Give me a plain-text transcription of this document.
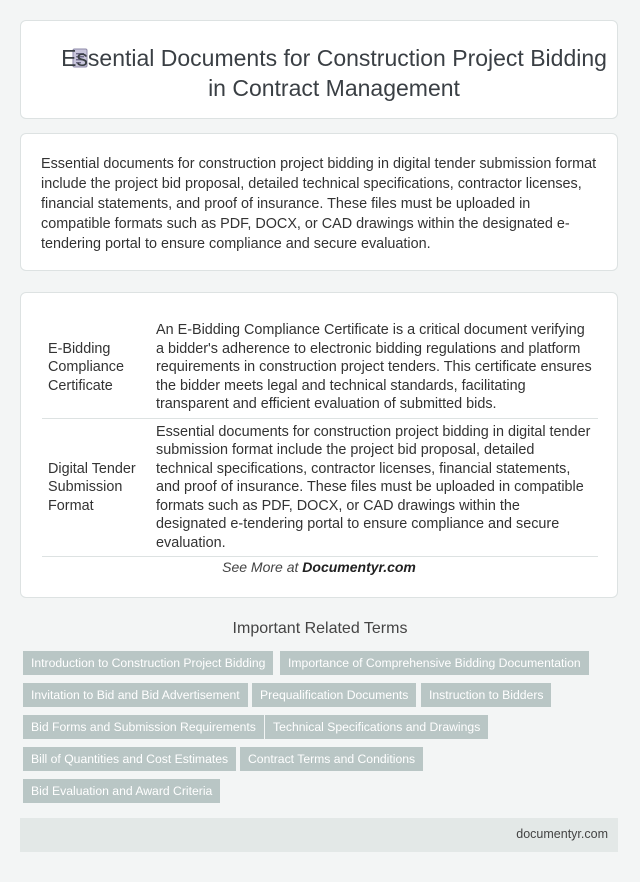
Essential Documents for Construction Project Bidding in Contract Management
Essential documents for construction project bidding in digital tender submission format include the project bid proposal, detailed technical specifications, contractor licenses, financial statements, and proof of insurance. These files must be uploaded in compatible formats such as PDF, DOCX, or CAD drawings within the designated e-tendering portal to ensure compliance and secure evaluation.
E-Bidding Compliance Certificate	An E-Bidding Compliance Certificate is a critical document verifying a bidder's adherence to electronic bidding regulations and platform requirements in construction project tenders. This certificate ensures the bidder meets legal and technical standards, facilitating transparent and efficient evaluation of submitted bids.
Digital Tender Submission Format	Essential documents for construction project bidding in digital tender submission format include the project bid proposal, detailed technical specifications, contractor licenses, financial statements, and proof of insurance. These files must be uploaded in compatible formats such as PDF, DOCX, or CAD drawings within the designated e-tendering portal to ensure compliance and secure evaluation.
See More at Documentyr.com
Important Related Terms
Introduction to Construction Project Bidding	Importance of Comprehensive Bidding Documentation
Invitation to Bid and Bid Advertisement	Prequalification Documents	Instruction to Bidders
Bid Forms and Submission Requirements	Technical Specifications and Drawings
Bill of Quantities and Cost Estimates	Contract Terms and Conditions
Bid Evaluation and Award Criteria
documentyr.com
